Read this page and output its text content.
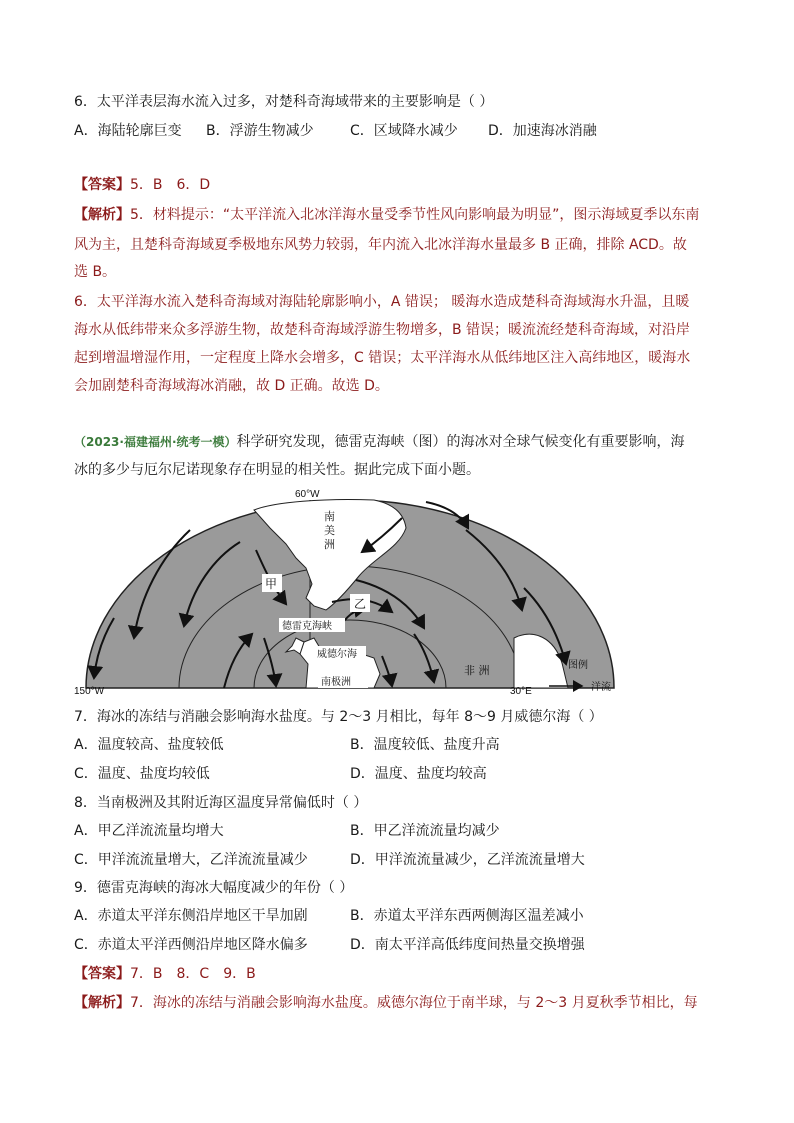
6．太平洋表层海水流入过多，对楚科奇海域带来的主要影响是（ ）
A．海陆轮廓巨变 B．浮游生物减少	C．区域降水减少 D．加速海冰消融
【答案】5．B　6．D
【解析】5．材料提示：“太平洋流入北冰洋海水量受季节性风向影响最为明显”，图示海域夏季以东南
风为主，且楚科奇海域夏季极地东风势力较弱，年内流入北冰洋海水量最多 B 正确，排除 ACD。故
选 B。
6．太平洋海水流入楚科奇海域对海陆轮廓影响小，A 错误； 暖海水造成楚科奇海域海水升温，且暖
海水从低纬带来众多浮游生物，故楚科奇海域浮游生物增多，B 错误；暖流流经楚科奇海域，对沿岸
起到增温增湿作用，一定程度上降水会增多，C 错误；太平洋海水从低纬地区注入高纬地区，暖海水
会加剧楚科奇海域海冰消融，故 D 正确。故选 D。
（2023·福建福州·统考一模）科学研究发现，德雷克海峡（图）的海冰对全球气候变化有重要影响，海
冰的多少与厄尔尼诺现象存在明显的相关性。据此完成下面小题。
60°W
150°W	30°E
南
美
洲
非 洲
甲
乙
德雷克海峡
威德尔海
南极洲
图例
洋流
7．海冰的冻结与消融会影响海水盐度。与 2～3 月相比，每年 8～9 月威德尔海（ ）
A．温度较高、盐度较低	B．温度较低、盐度升高
C．温度、盐度均较低	D．温度、盐度均较高
8．当南极洲及其附近海区温度异常偏低时（ ）
A．甲乙洋流流量均增大	B．甲乙洋流流量均减少
C．甲洋流流量增大，乙洋流流量减少	D．甲洋流流量减少，乙洋流流量增大
9．德雷克海峡的海冰大幅度减少的年份（ ）
A．赤道太平洋东侧沿岸地区干旱加剧	B．赤道太平洋东西两侧海区温差减小
C．赤道太平洋西侧沿岸地区降水偏多	D．南太平洋高低纬度间热量交换增强
【答案】7．B　8．C　9．B
【解析】7．海冰的冻结与消融会影响海水盐度。威德尔海位于南半球，与 2～3 月夏秋季节相比，每
